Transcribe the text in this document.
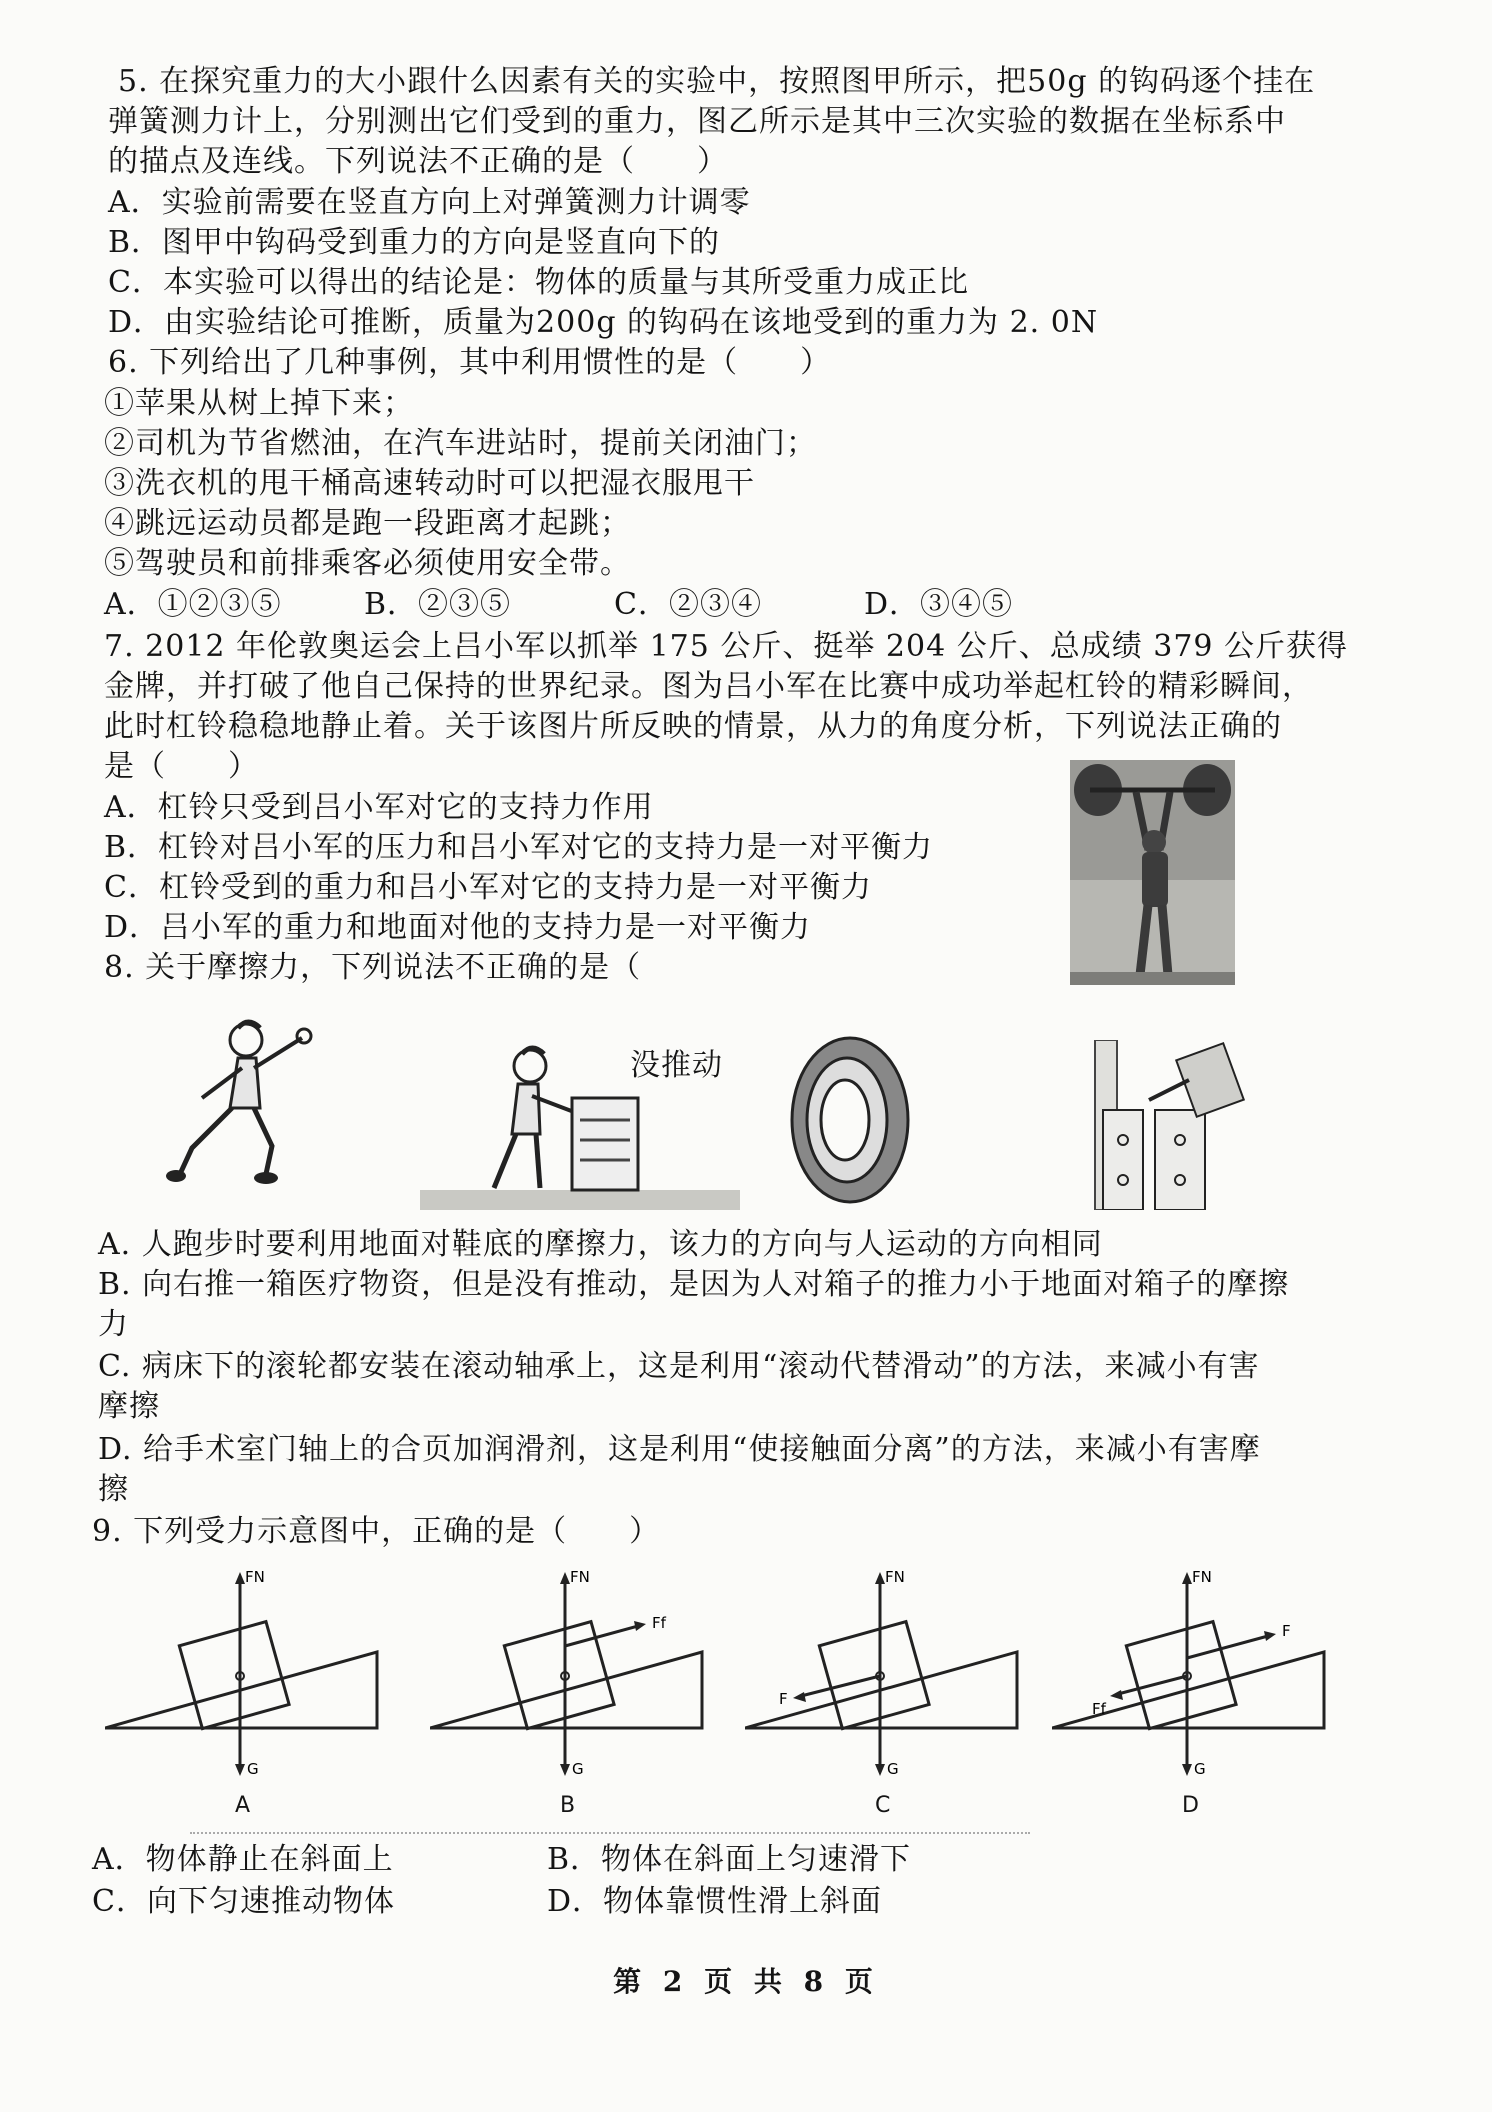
5. 在探究重力的大小跟什么因素有关的实验中，按照图甲所示，把50g 的钩码逐个挂在
弹簧测力计上，分别测出它们受到的重力，图乙所示是其中三次实验的数据在坐标系中
的描点及连线。下列说法不正确的是（　　）
A．实验前需要在竖直方向上对弹簧测力计调零
B．图甲中钩码受到重力的方向是竖直向下的
C．本实验可以得出的结论是：物体的质量与其所受重力成正比
D．由实验结论可推断，质量为200g 的钩码在该地受到的重力为 2. 0N
6. 下列给出了几种事例，其中利用惯性的是（　　）
①苹果从树上掉下来；
②司机为节省燃油，在汽车进站时，提前关闭油门；
③洗衣机的甩干桶高速转动时可以把湿衣服甩干
④跳远运动员都是跑一段距离才起跳；
A．①②③⑤	B．②③⑤	C．②③④	D．③④⑤
⑤驾驶员和前排乘客必须使用安全带。
7. 2012 年伦敦奥运会上吕小军以抓举 175 公斤、挺举 204 公斤、总成绩 379 公斤获得
金牌，并打破了他自己保持的世界纪录。图为吕小军在比赛中成功举起杠铃的精彩瞬间，
此时杠铃稳稳地静止着。关于该图片所反映的情景，从力的角度分析，下列说法正确的
是（　　）
A．杠铃只受到吕小军对它的支持力作用
B．杠铃对吕小军的压力和吕小军对它的支持力是一对平衡力
C．杠铃受到的重力和吕小军对它的支持力是一对平衡力
D．吕小军的重力和地面对他的支持力是一对平衡力
8. 关于摩擦力，下列说法不正确的是（
没推动
A. 人跑步时要利用地面对鞋底的摩擦力，该力的方向与人运动的方向相同
B. 向右推一箱医疗物资，但是没有推动，是因为人对箱子的推力小于地面对箱子的摩擦
力
C. 病床下的滚轮都安装在滚动轴承上，这是利用“滚动代替滑动”的方法，来减小有害
摩擦
D. 给手术室门轴上的合页加润滑剂，这是利用“使接触面分离”的方法，来减小有害摩
擦
9. 下列受力示意图中，正确的是（　　）
FN
G
A
FN
Ff
G
B
FN
F
G
C
FN
F
Ff
G
D
A．物体静止在斜面上	B．物体在斜面上匀速滑下
C．向下匀速推动物体	D．物体靠惯性滑上斜面
第 2 页 共 8 页
